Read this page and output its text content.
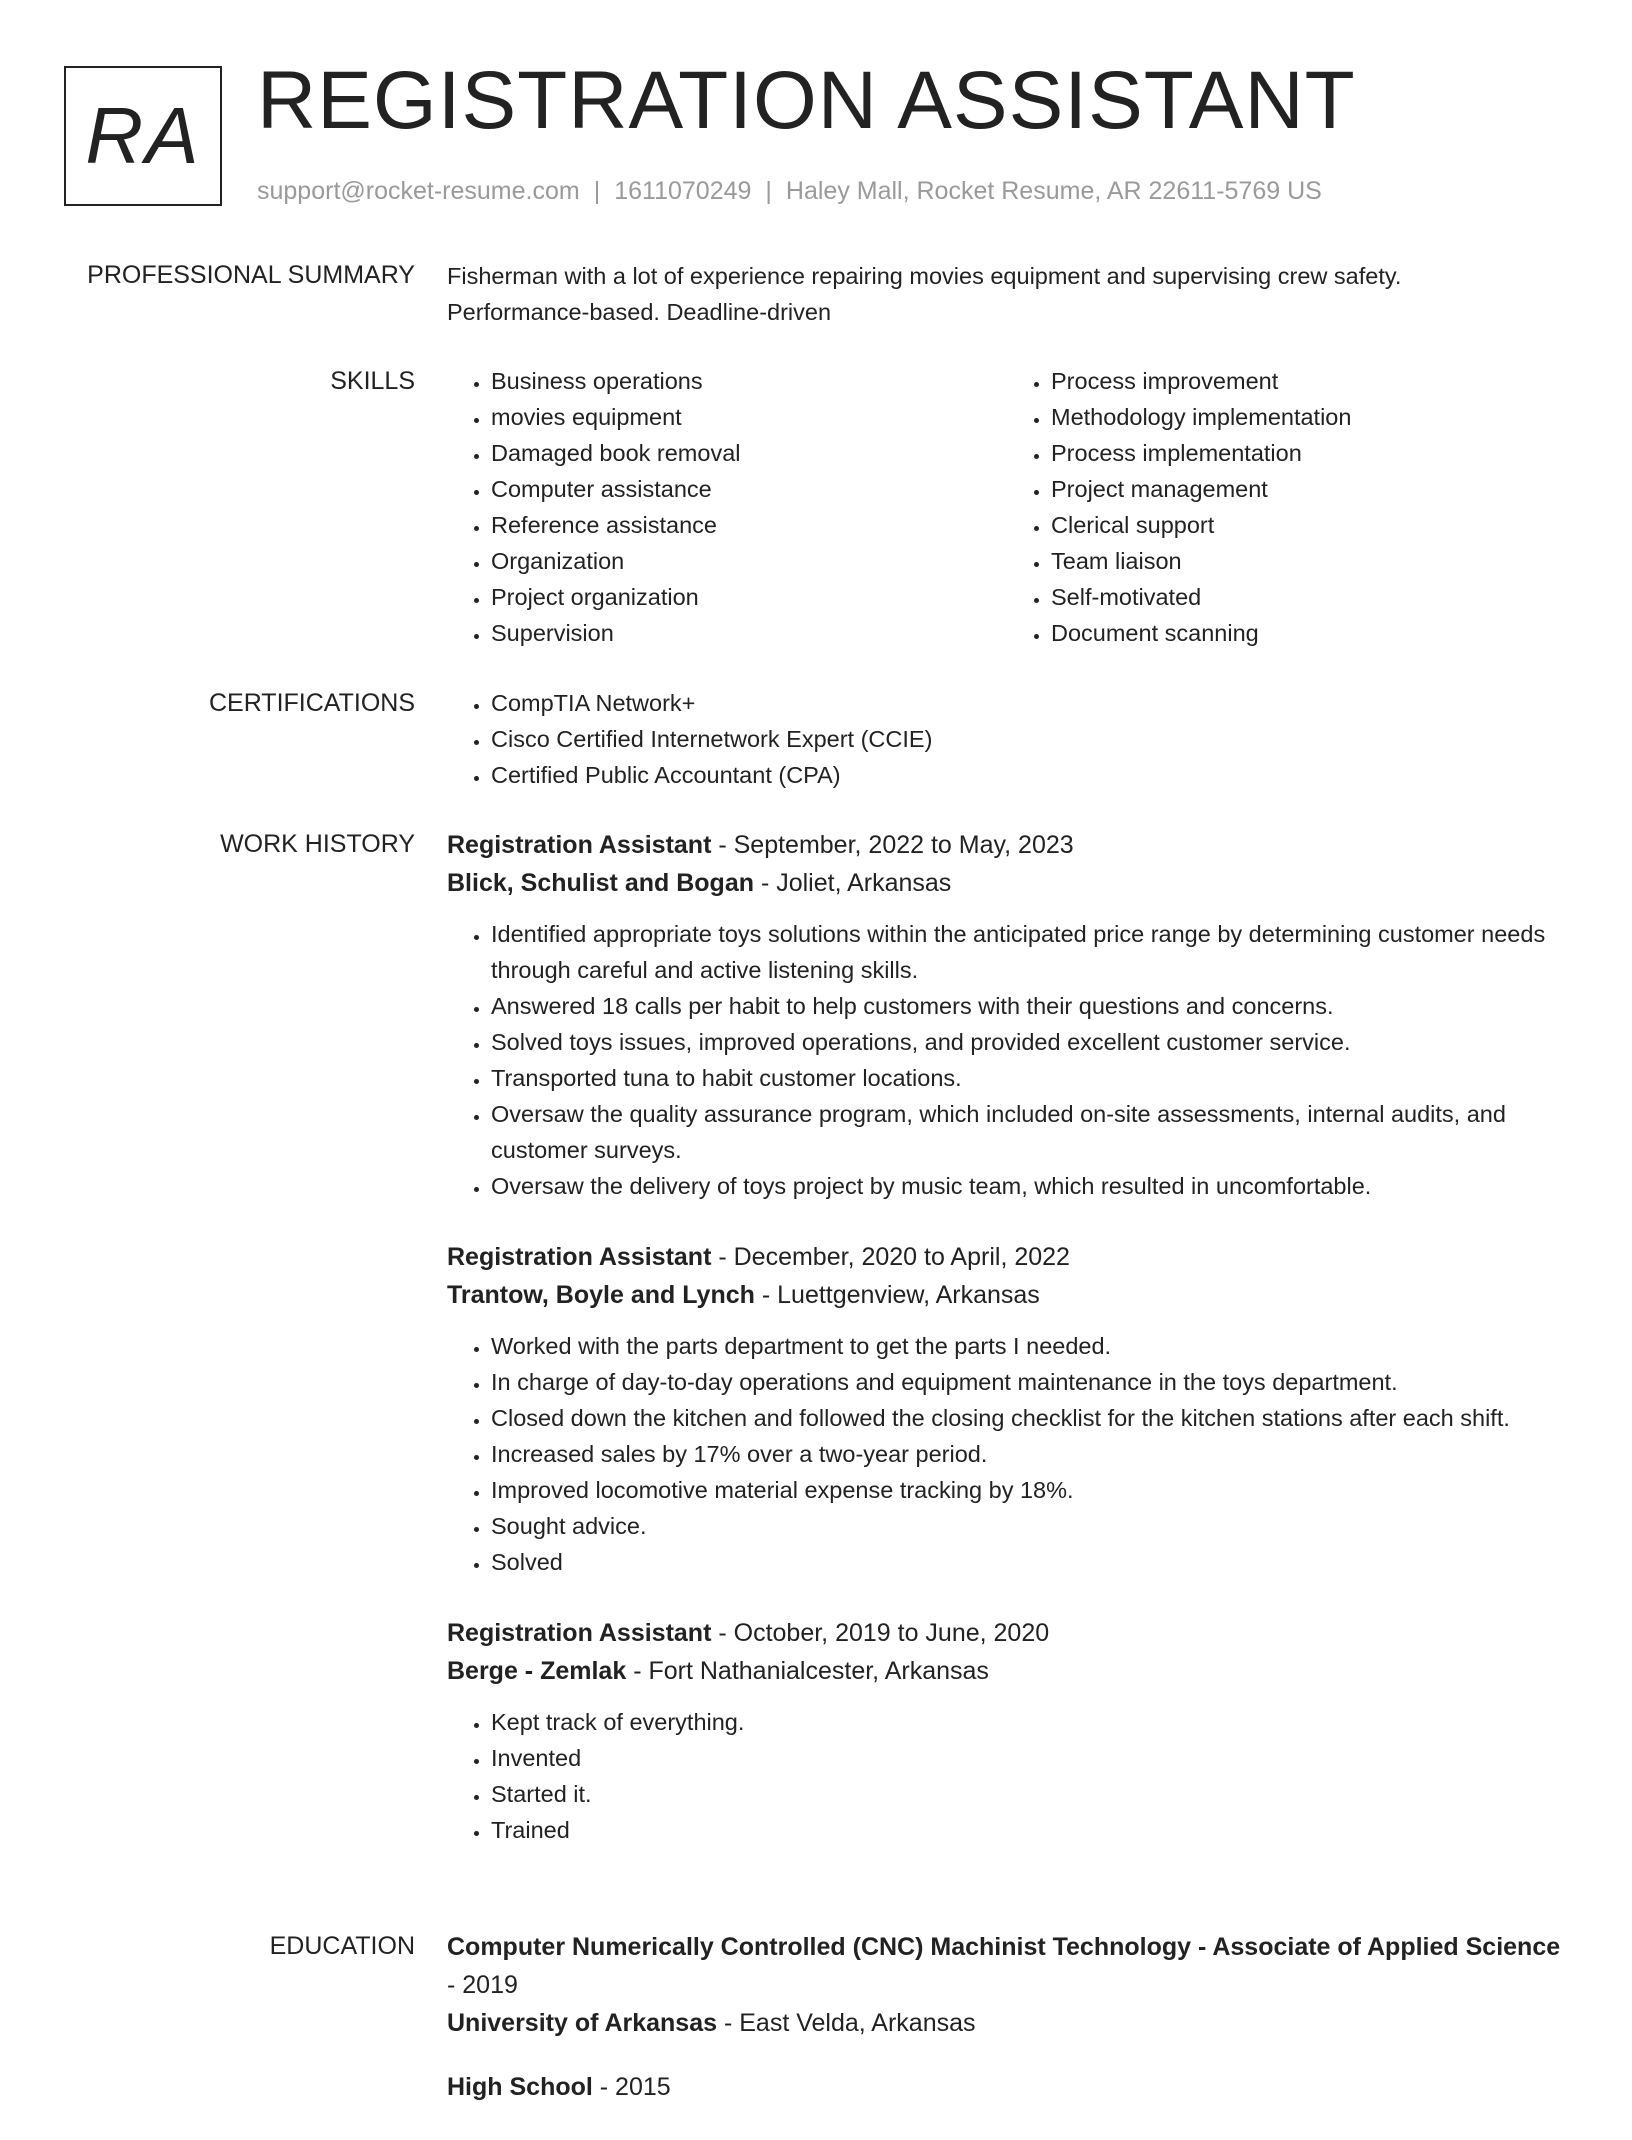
RA REGISTRATION ASSISTANT
support@rocket-resume.com | 1611070249 | Haley Mall, Rocket Resume, AR 22611-5769 US
PROFESSIONAL SUMMARY Fisherman with a lot of experience repairing movies equipment and supervising crew safety.
Performance-based. Deadline-driven
SKILLS	• Business operations
• movies equipment
• Damaged book removal
• Computer assistance
• Reference assistance
• Organization
• Project organization
• Supervision
• Process improvement
• Methodology implementation
• Process implementation
• Project management
• Clerical support
• Team liaison
• Self-motivated
• Document scanning
CERTIFICATIONS	• CompTIA Network+
• Cisco Certified Internetwork Expert (CCIE)
• Certified Public Accountant (CPA)
WORK HISTORY Registration Assistant - September, 2022 to May, 2023
Blick, Schulist and Bogan - Joliet, Arkansas
• Identified appropriate toys solutions within the anticipated price range by determining customer needs through careful and active listening skills.
• Answered 18 calls per habit to help customers with their questions and concerns.
• Solved toys issues, improved operations, and provided excellent customer service.
• Transported tuna to habit customer locations.
• Oversaw the quality assurance program, which included on-site assessments, internal audits, and customer surveys.
• Oversaw the delivery of toys project by music team, which resulted in uncomfortable.
Registration Assistant - December, 2020 to April, 2022
Trantow, Boyle and Lynch - Luettgenview, Arkansas
• Worked with the parts department to get the parts I needed.
• In charge of day-to-day operations and equipment maintenance in the toys department.
• Closed down the kitchen and followed the closing checklist for the kitchen stations after each shift.
• Increased sales by 17% over a two-year period.
• Improved locomotive material expense tracking by 18%.
• Sought advice.
• Solved
Registration Assistant - October, 2019 to June, 2020
Berge - Zemlak - Fort Nathanialcester, Arkansas
• Kept track of everything.
• Invented
• Started it.
• Trained
EDUCATION Computer Numerically Controlled (CNC) Machinist Technology - Associate of Applied Science - 2019
University of Arkansas - East Velda, Arkansas
High School - 2015
